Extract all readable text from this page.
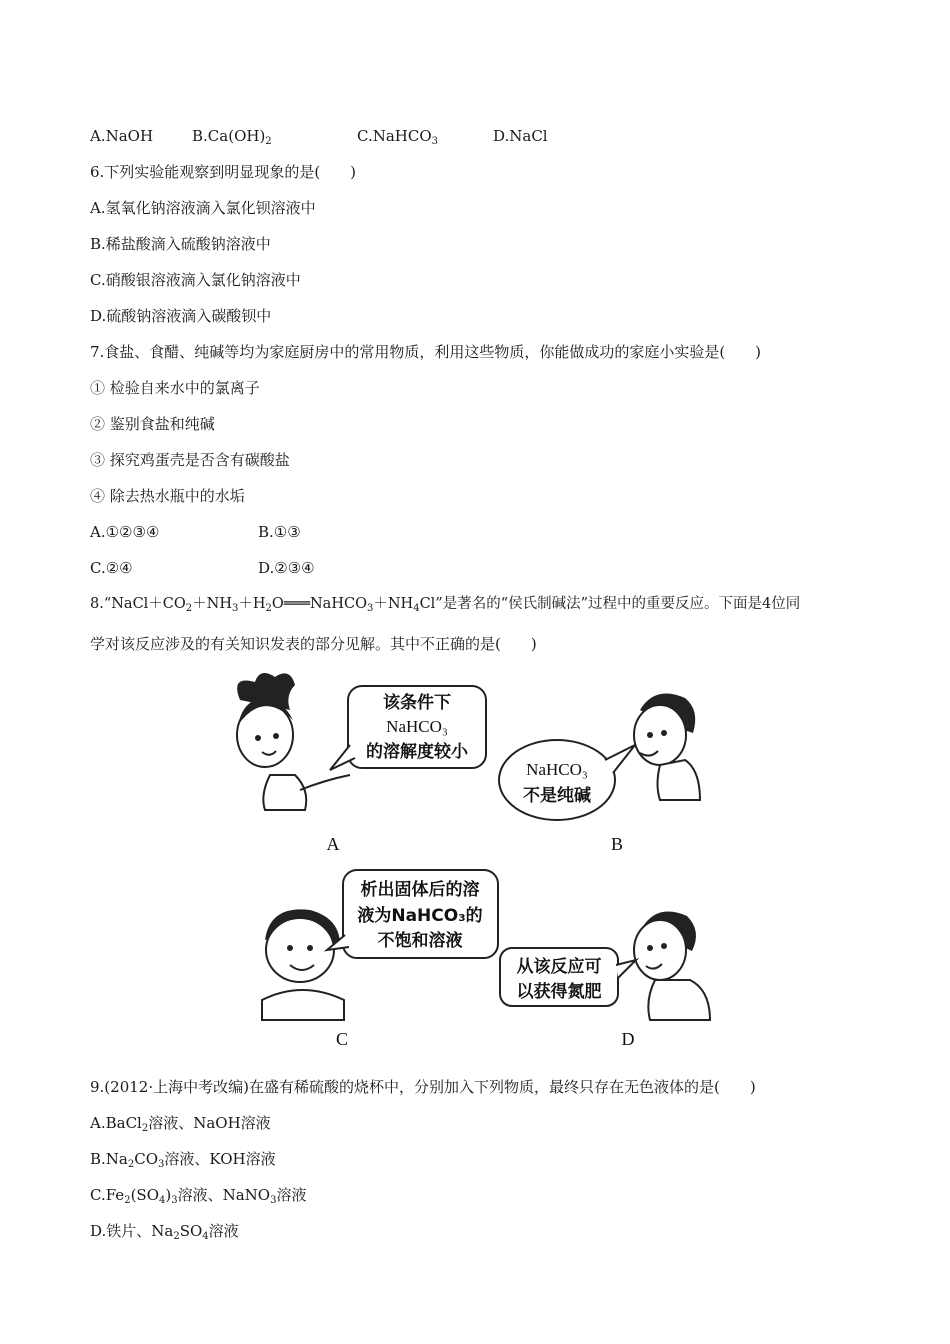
A.NaOH	$B.Ca(OH)_2$	C.NaHCO$_3$	D.NaCl
6.下列实验能观察到明显现象的是(　　)
A.氢氧化钠溶液滴入氯化钡溶液中
B.稀盐酸滴入硫酸钠溶液中
C.硝酸银溶液滴入氯化钠溶液中
D.硫酸钠溶液滴入碳酸钡中
7.食盐、食醋、纯碱等均为家庭厨房中的常用物质，利用这些物质，你能做成功的家庭小实验是(　　)
① 检验自来水中的氯离子
② 鉴别食盐和纯碱
③ 探究鸡蛋壳是否含有碳酸盐
④ 除去热水瓶中的水垢
A.①②③④	B.①③
C.②④	D.②③④
$8.“NaCl+CO_2+NH_3+H_2O═══NaHCO_3+NH_4Cl$”是著名的“侯氏制碱法”过程中的重要反应。下面是4位同
学对该反应涉及的有关知识发表的部分见解。其中不正确的是(　　)
该条件下
NaHCO₃
的溶解度较小
A
NaHCO₃
不是纯碱
B
析出固体后的溶
液为NaHCO₃的
不饱和溶液
C
从该反应可
以获得氮肥
D
9.(2012·上海中考改编)在盛有稀硫酸的烧杯中，分别加入下列物质，最终只存在无色液体的是(　　)
A.BaCl$_2$溶液、NaOH溶液
$B.Na_2CO_3$溶液、KOH溶液
$C.Fe_2(SO_4)_3$溶液、NaNO$_3$溶液
D.铁片、$Na_2SO_4$溶液
